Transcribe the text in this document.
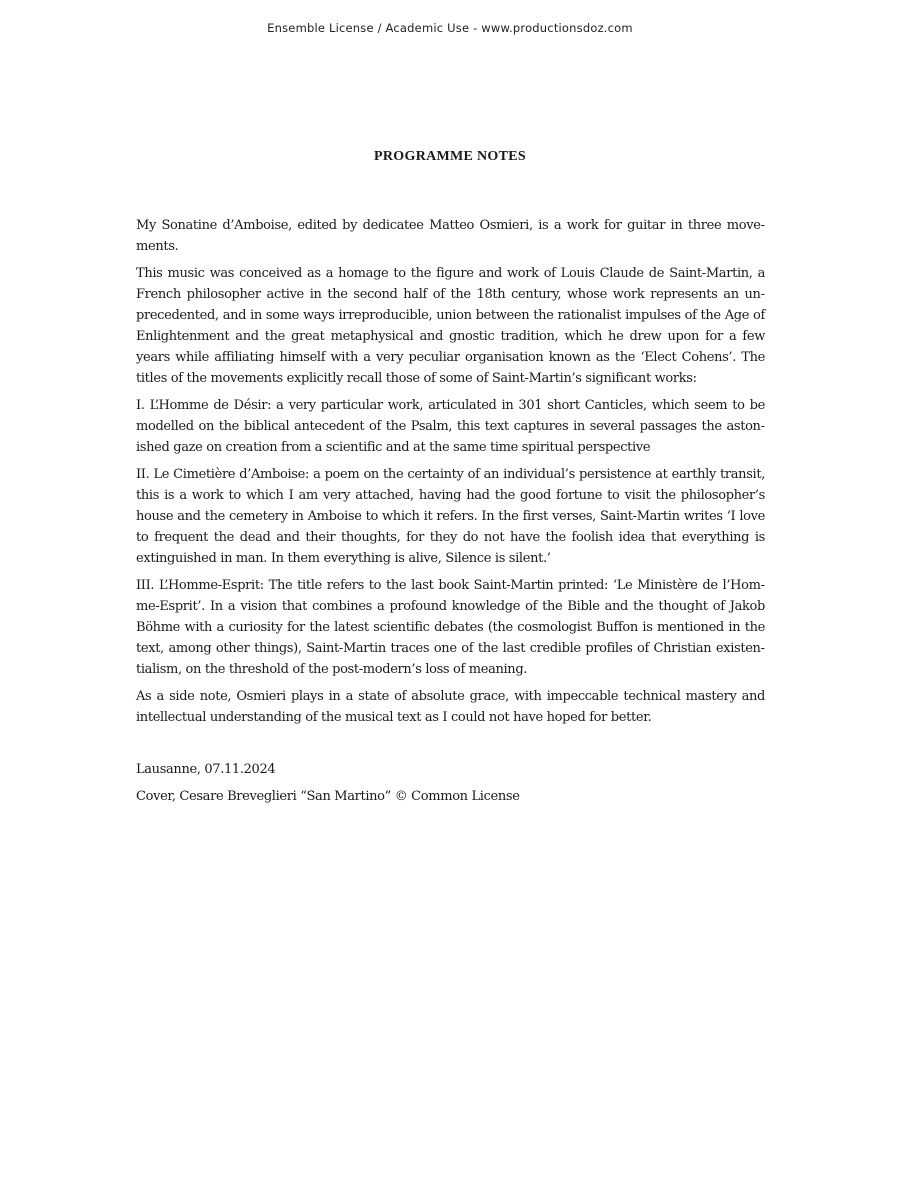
Ensemble License / Academic Use - www.productionsdoz.com

PROGRAMME NOTES

My Sonatine d’Amboise, edited by dedicatee Matteo Osmieri, is a work for guitar in three movements.

This music was conceived as a homage to the figure and work of Louis Claude de Saint-Martin, a French philosopher active in the second half of the 18th century, whose work represents an unprecedented, and in some ways irreproducible, union between the rationalist impulses of the Age of Enlightenment and the great metaphysical and gnostic tradition, which he drew upon for a few years while affiliating himself with a very peculiar organisation known as the ‘Elect Cohens’. The titles of the movements explicitly recall those of some of Saint-Martin’s significant works:

I. L’Homme de Désir: a very particular work, articulated in 301 short Canticles, which seem to be modelled on the biblical antecedent of the Psalm, this text captures in several passages the astonished gaze on creation from a scientific and at the same time spiritual perspective

II. Le Cimetière d’Amboise: a poem on the certainty of an individual’s persistence at earthly transit, this is a work to which I am very attached, having had the good fortune to visit the philosopher’s house and the cemetery in Amboise to which it refers. In the first verses, Saint-Martin writes ‘I love to frequent the dead and their thoughts, for they do not have the foolish idea that everything is extinguished in man. In them everything is alive, Silence is silent.’

III. L’Homme-Esprit: The title refers to the last book Saint-Martin printed: ‘Le Ministère de l’Homme-Esprit’. In a vision that combines a profound knowledge of the Bible and the thought of Jakob Böhme with a curiosity for the latest scientific debates (the cosmologist Buffon is mentioned in the text, among other things), Saint-Martin traces one of the last credible profiles of Christian existentialism, on the threshold of the post-modern’s loss of meaning.

As a side note, Osmieri plays in a state of absolute grace, with impeccable technical mastery and intellectual understanding of the musical text as I could not have hoped for better.

Lausanne, 07.11.2024

Cover, Cesare Breveglieri “San Martino” © Common License
